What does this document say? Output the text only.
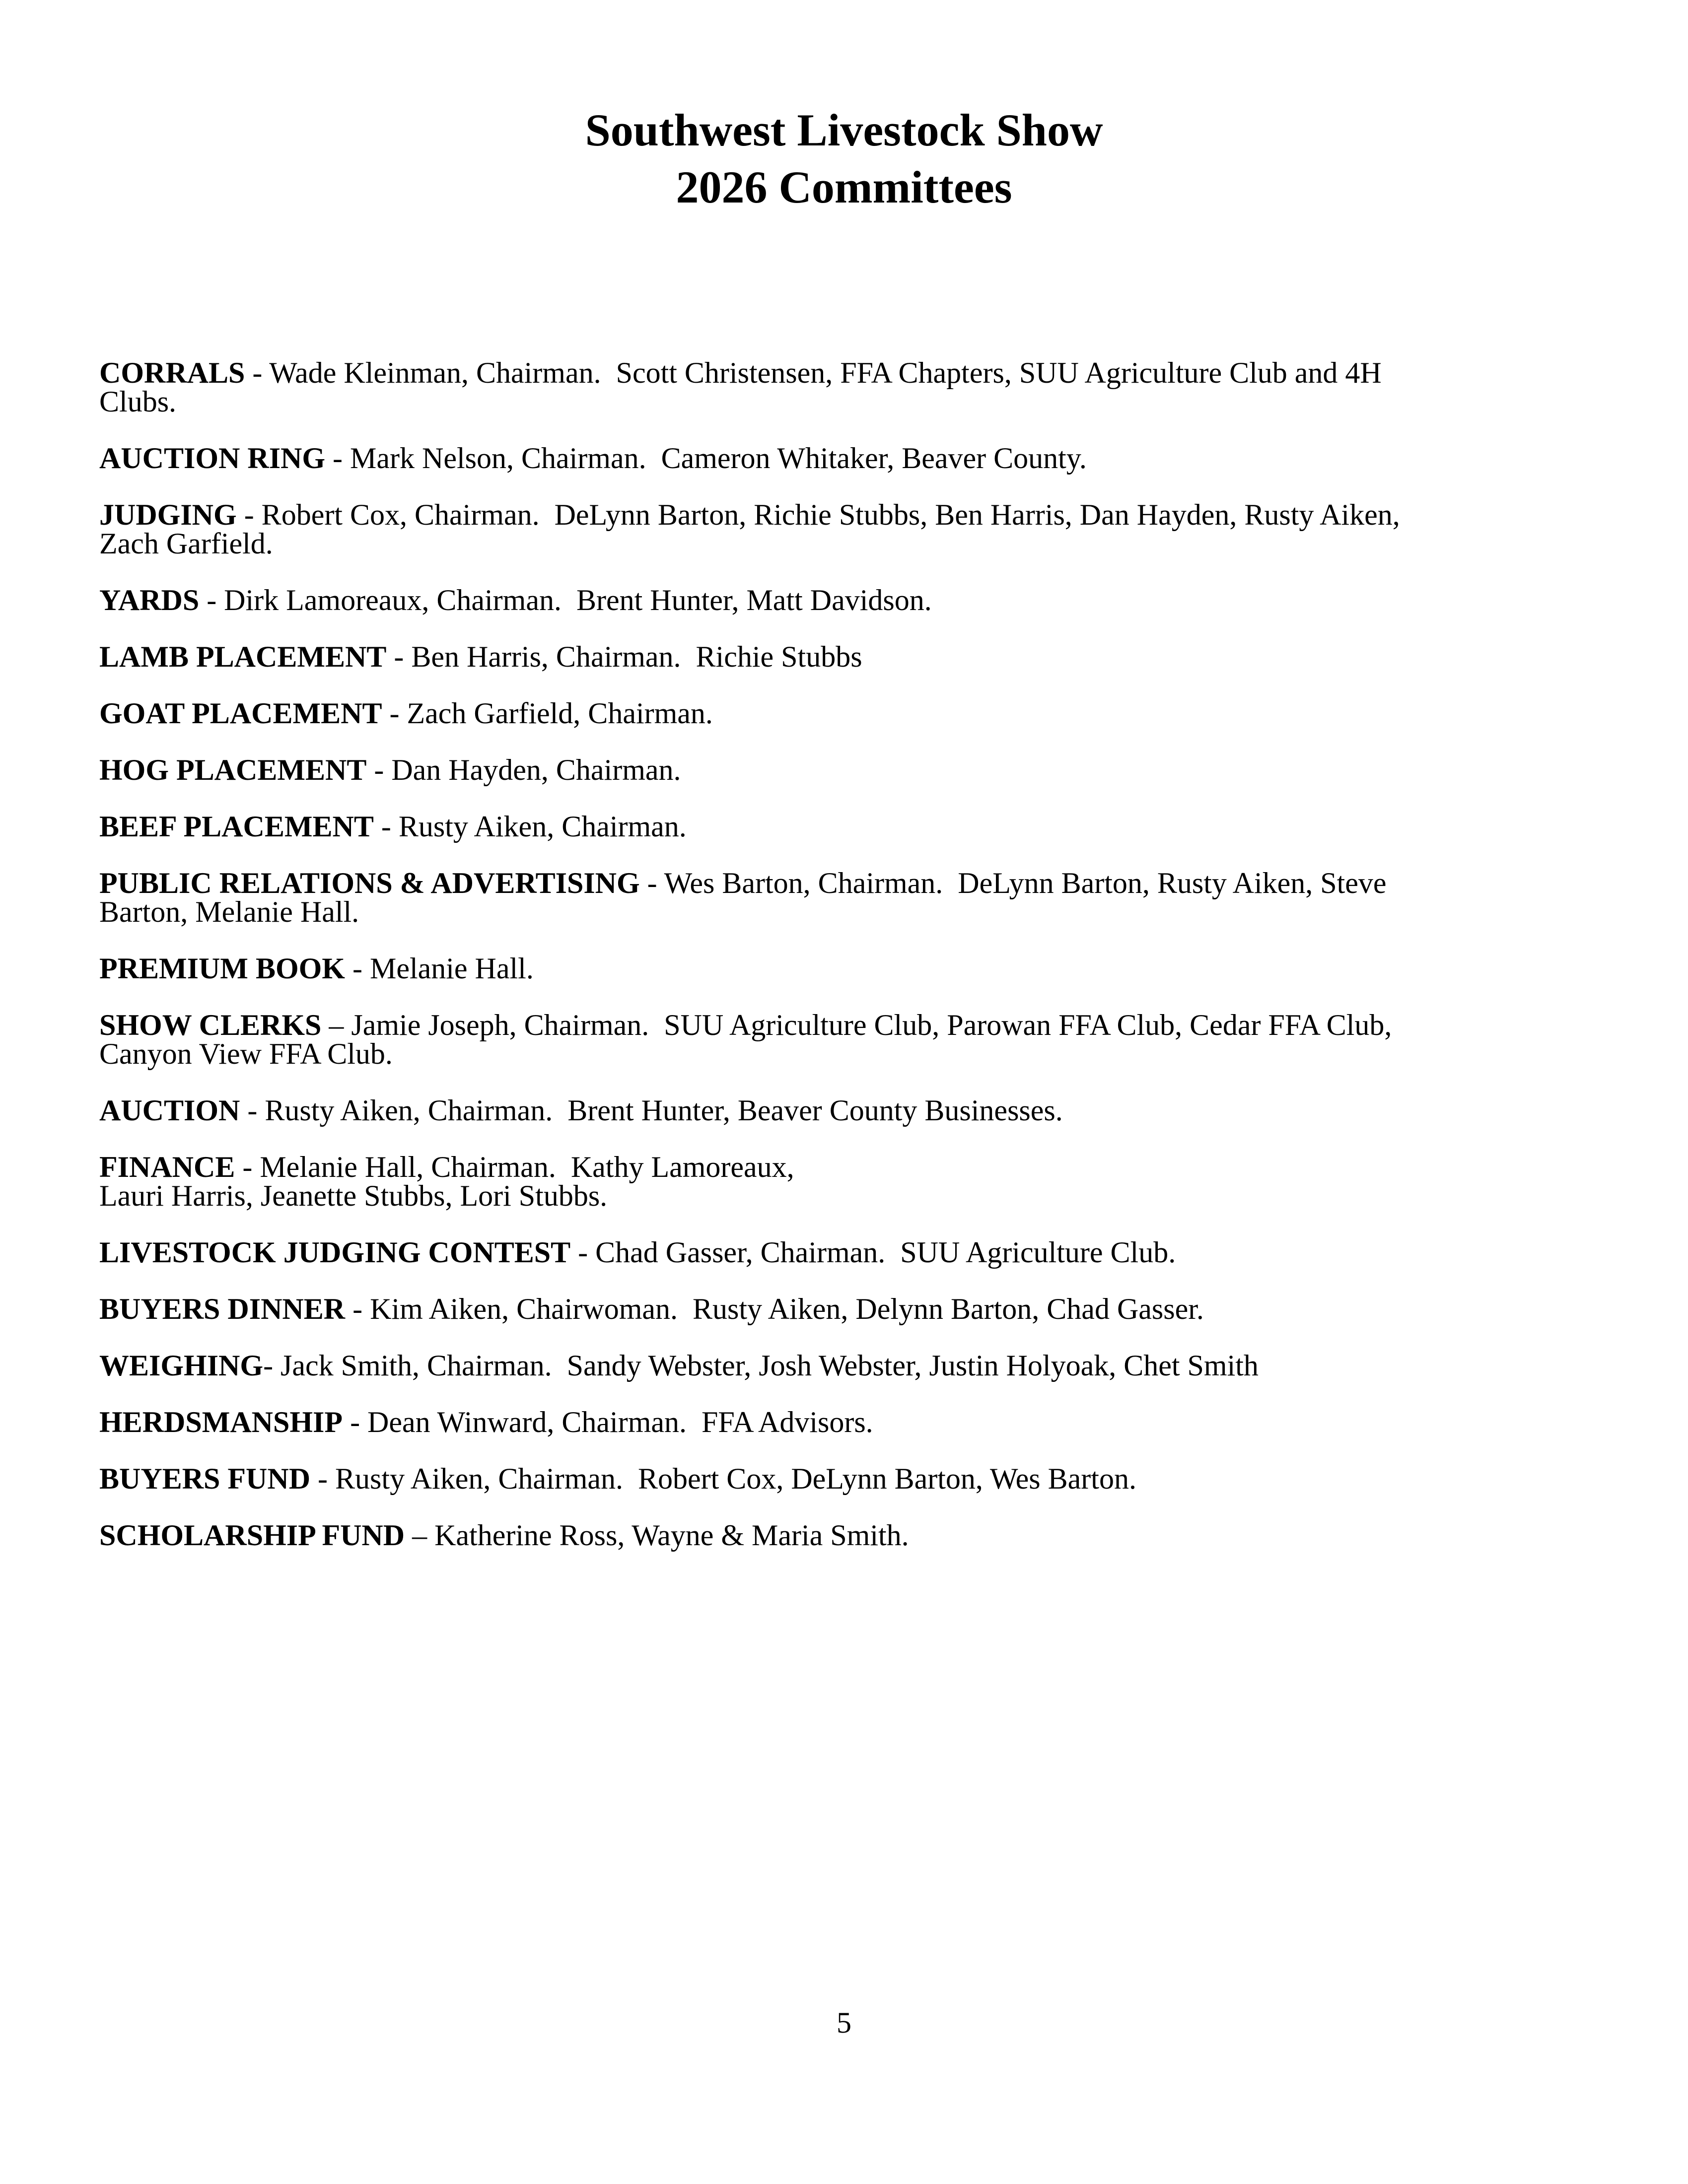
Southwest Livestock Show

2026 Committees

CORRALS - Wade Kleinman, Chairman.  Scott Christensen, FFA Chapters, SUU Agriculture Club and 4H
Clubs.

AUCTION RING - Mark Nelson, Chairman.  Cameron Whitaker, Beaver County.

JUDGING - Robert Cox, Chairman.  DeLynn Barton, Richie Stubbs, Ben Harris, Dan Hayden, Rusty Aiken,
Zach Garfield.

YARDS - Dirk Lamoreaux, Chairman.  Brent Hunter, Matt Davidson.

LAMB PLACEMENT - Ben Harris, Chairman.  Richie Stubbs

GOAT PLACEMENT - Zach Garfield, Chairman.

HOG PLACEMENT - Dan Hayden, Chairman.

BEEF PLACEMENT - Rusty Aiken, Chairman.

PUBLIC RELATIONS & ADVERTISING - Wes Barton, Chairman.  DeLynn Barton, Rusty Aiken, Steve
Barton, Melanie Hall.

PREMIUM BOOK - Melanie Hall.

SHOW CLERKS – Jamie Joseph, Chairman.  SUU Agriculture Club, Parowan FFA Club, Cedar FFA Club,
Canyon View FFA Club.

AUCTION - Rusty Aiken, Chairman.  Brent Hunter, Beaver County Businesses.

FINANCE - Melanie Hall, Chairman.  Kathy Lamoreaux,
Lauri Harris, Jeanette Stubbs, Lori Stubbs.

LIVESTOCK JUDGING CONTEST - Chad Gasser, Chairman.  SUU Agriculture Club.

BUYERS DINNER - Kim Aiken, Chairwoman.  Rusty Aiken, Delynn Barton, Chad Gasser.

WEIGHING- Jack Smith, Chairman.  Sandy Webster, Josh Webster, Justin Holyoak, Chet Smith

HERDSMANSHIP - Dean Winward, Chairman.  FFA Advisors.

BUYERS FUND - Rusty Aiken, Chairman.  Robert Cox, DeLynn Barton, Wes Barton.

SCHOLARSHIP FUND – Katherine Ross, Wayne & Maria Smith.

5
